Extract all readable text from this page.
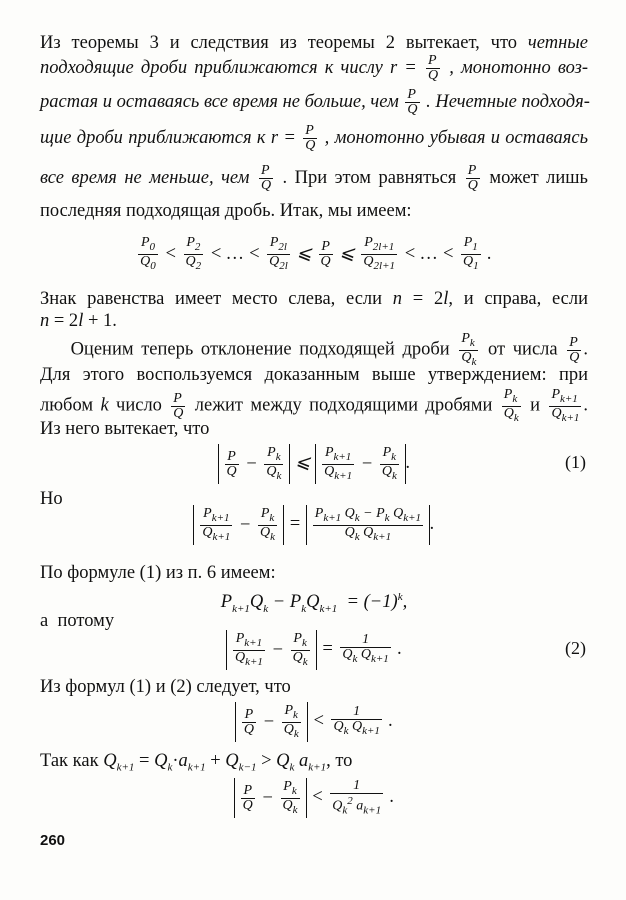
Из теоремы 3 и следствия из теоремы 2 вытекает, что четные
подходящие дроби приближаются к числу $r = \frac{P}{Q}$ , монотонно воз-
растая и оставаясь все время не больше, чем $\frac{P}{Q}$ . Нечетные подходя-
щие дроби приближаются к $r = \frac{P}{Q}$ , монотонно убывая и оставаясь
все время не меньше, чем $\frac{P}{Q}$ . При этом равняться $\frac{P}{Q}$ может лишь
последняя подходящая дробь. Итак, мы имеем:
$\frac{P_0}{Q_0} < \frac{P_2}{Q_2}$ < … < $\frac{P_{2l}}{Q_{2l}}$ ⩽ $\frac{P}{Q}$ ⩽ $\frac{P_{2l+1}}{Q_{2l+1}}$ < … < $\frac{P_1}{Q_1}$ .
Знак равенства имеет место слева, если n = 2l, и справа, если
n = 2l + 1.
Оценим теперь отклонение подходящей дроби $\frac{P_k}{Q_k}$ от числа $\frac{P}{Q}$ .
Для этого воспользуемся доказанным выше утверждением: при
любом k число $\frac{P}{Q}$ лежит между подходящими дробями $\frac{P_k}{Q_k}$ и $\frac{P_{k+1}}{Q_{k+1}}$ .
Из него вытекает, что
$\frac{P}{Q} - \frac{P_k}{Q_k}$ ⩽ $\frac{P_{k+1}}{Q_{k+1}} - \frac{P_k}{Q_k}$ .	(1)
Но
$\frac{P_{k+1}}{Q_{k+1}} - \frac{P_k}{Q_k} = \frac{P_{k+1} Q_k - P_k Q_{k+1}}{Q_k Q_{k+1}}$ .
По формуле (1) из п. 6 имеем:
$P_{k+1}Q_k - P_kQ_{k+1} = (-1)^k$,
а  потому
$\frac{P_{k+1}}{Q_{k+1}} - \frac{P_k}{Q_k} = \frac{1}{Q_k Q_{k+1}}$ .	(2)
Из формул (1) и (2) следует, что
$\frac{P}{Q} - \frac{P_k}{Q_k} < \frac{1}{Q_k Q_{k+1}}$ .
Так как $Q_{k+1} = Q_k\cdot a_{k+1} + Q_{k-1} > Q_k$ $a_{k+1}$, то
$\frac{P}{Q} - \frac{P_k}{Q_k} < \frac{1}{Q_k^2 a_{k+1}}$ .
260
